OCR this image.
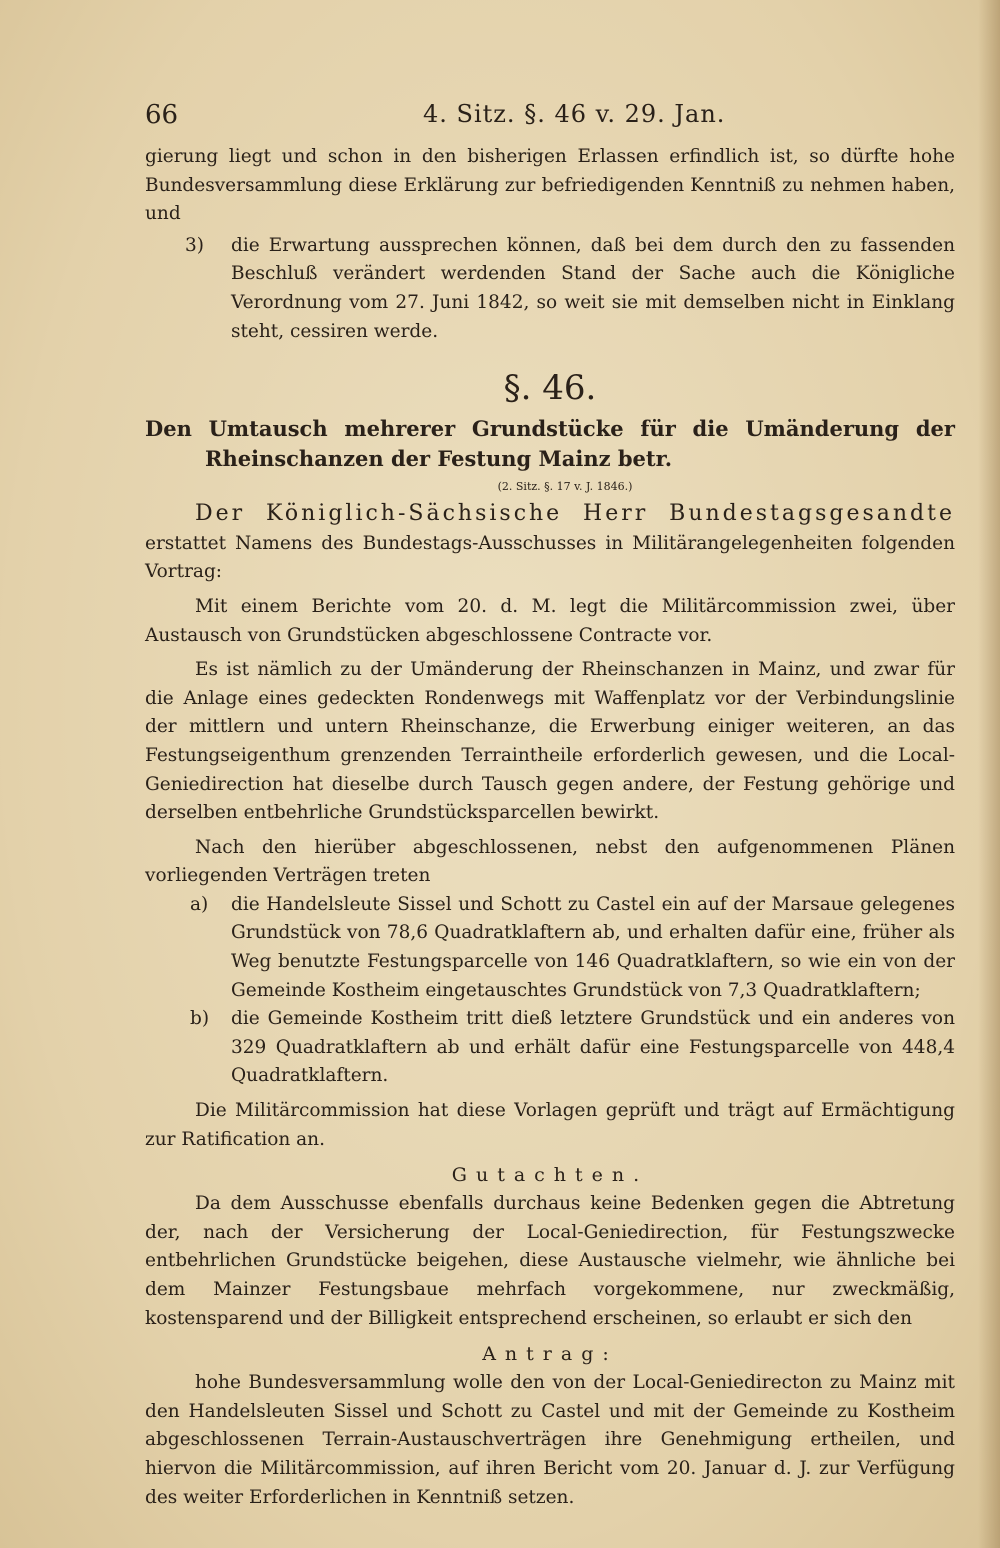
66	4. Sitz. §. 46 v. 29. Jan.

gierung liegt und schon in den bisherigen Erlassen erfindlich ist, so dürfte hohe Bundesversammlung diese Erklärung zur befriedigenden Kenntniß zu nehmen haben, und

3) die Erwartung aussprechen können, daß bei dem durch den zu fassenden Beschluß verändert werdenden Stand der Sache auch die Königliche Verordnung vom 27. Juni 1842, so weit sie mit demselben nicht in Einklang steht, cessiren werde.
§. 46.

Den Umtausch mehrerer Grundstücke für die Umänderung der Rheinschanzen der Festung Mainz betr.

(2. Sitz. §. 17 v. J. 1846.)

Der Königlich-Sächsische Herr Bundestagsgesandte erstattet Namens des Bundestags-Ausschusses in Militärangelegenheiten folgenden Vortrag:

Mit einem Berichte vom 20. d. M. legt die Militärcommission zwei, über Austausch von Grundstücken abgeschlossene Contracte vor.

Es ist nämlich zu der Umänderung der Rheinschanzen in Mainz, und zwar für die Anlage eines gedeckten Rondenwegs mit Waffenplatz vor der Verbindungslinie der mittlern und untern Rheinschanze, die Erwerbung einiger weiteren, an das Festungseigenthum grenzenden Terraintheile erforderlich gewesen, und die Local-Geniedirection hat dieselbe durch Tausch gegen andere, der Festung gehörige und derselben entbehrliche Grundstücksparcellen bewirkt.

Nach den hierüber abgeschlossenen, nebst den aufgenommenen Plänen vorliegenden Verträgen treten

a) die Handelsleute Sissel und Schott zu Castel ein auf der Marsaue gelegenes Grundstück von 78,6 Quadratklaftern ab, und erhalten dafür eine, früher als Weg benutzte Festungsparcelle von 146 Quadratklaftern, so wie ein von der Gemeinde Kostheim eingetauschtes Grundstück von 7,3 Quadratklaftern;
b) die Gemeinde Kostheim tritt dieß letztere Grundstück und ein anderes von 329 Quadratklaftern ab und erhält dafür eine Festungsparcelle von 448,4 Quadratklaftern.

Die Militärcommission hat diese Vorlagen geprüft und trägt auf Ermächtigung zur Ratification an.

Gutachten.

Da dem Ausschusse ebenfalls durchaus keine Bedenken gegen die Abtretung der, nach der Versicherung der Local-Geniedirection, für Festungszwecke entbehrlichen Grundstücke beigehen, diese Austausche vielmehr, wie ähnliche bei dem Mainzer Festungsbaue mehrfach vorgekommene, nur zweckmäßig, kostensparend und der Billigkeit entsprechend erscheinen, so erlaubt er sich den

Antrag:

hohe Bundesversammlung wolle den von der Local-Geniedirecton zu Mainz mit den Handelsleuten Sissel und Schott zu Castel und mit der Gemeinde zu Kostheim abgeschlossenen Terrain-Austauschverträgen ihre Genehmigung ertheilen, und hiervon die Militärcommission, auf ihren Bericht vom 20. Januar d. J. zur Verfügung des weiter Erforderlichen in Kenntniß setzen.
